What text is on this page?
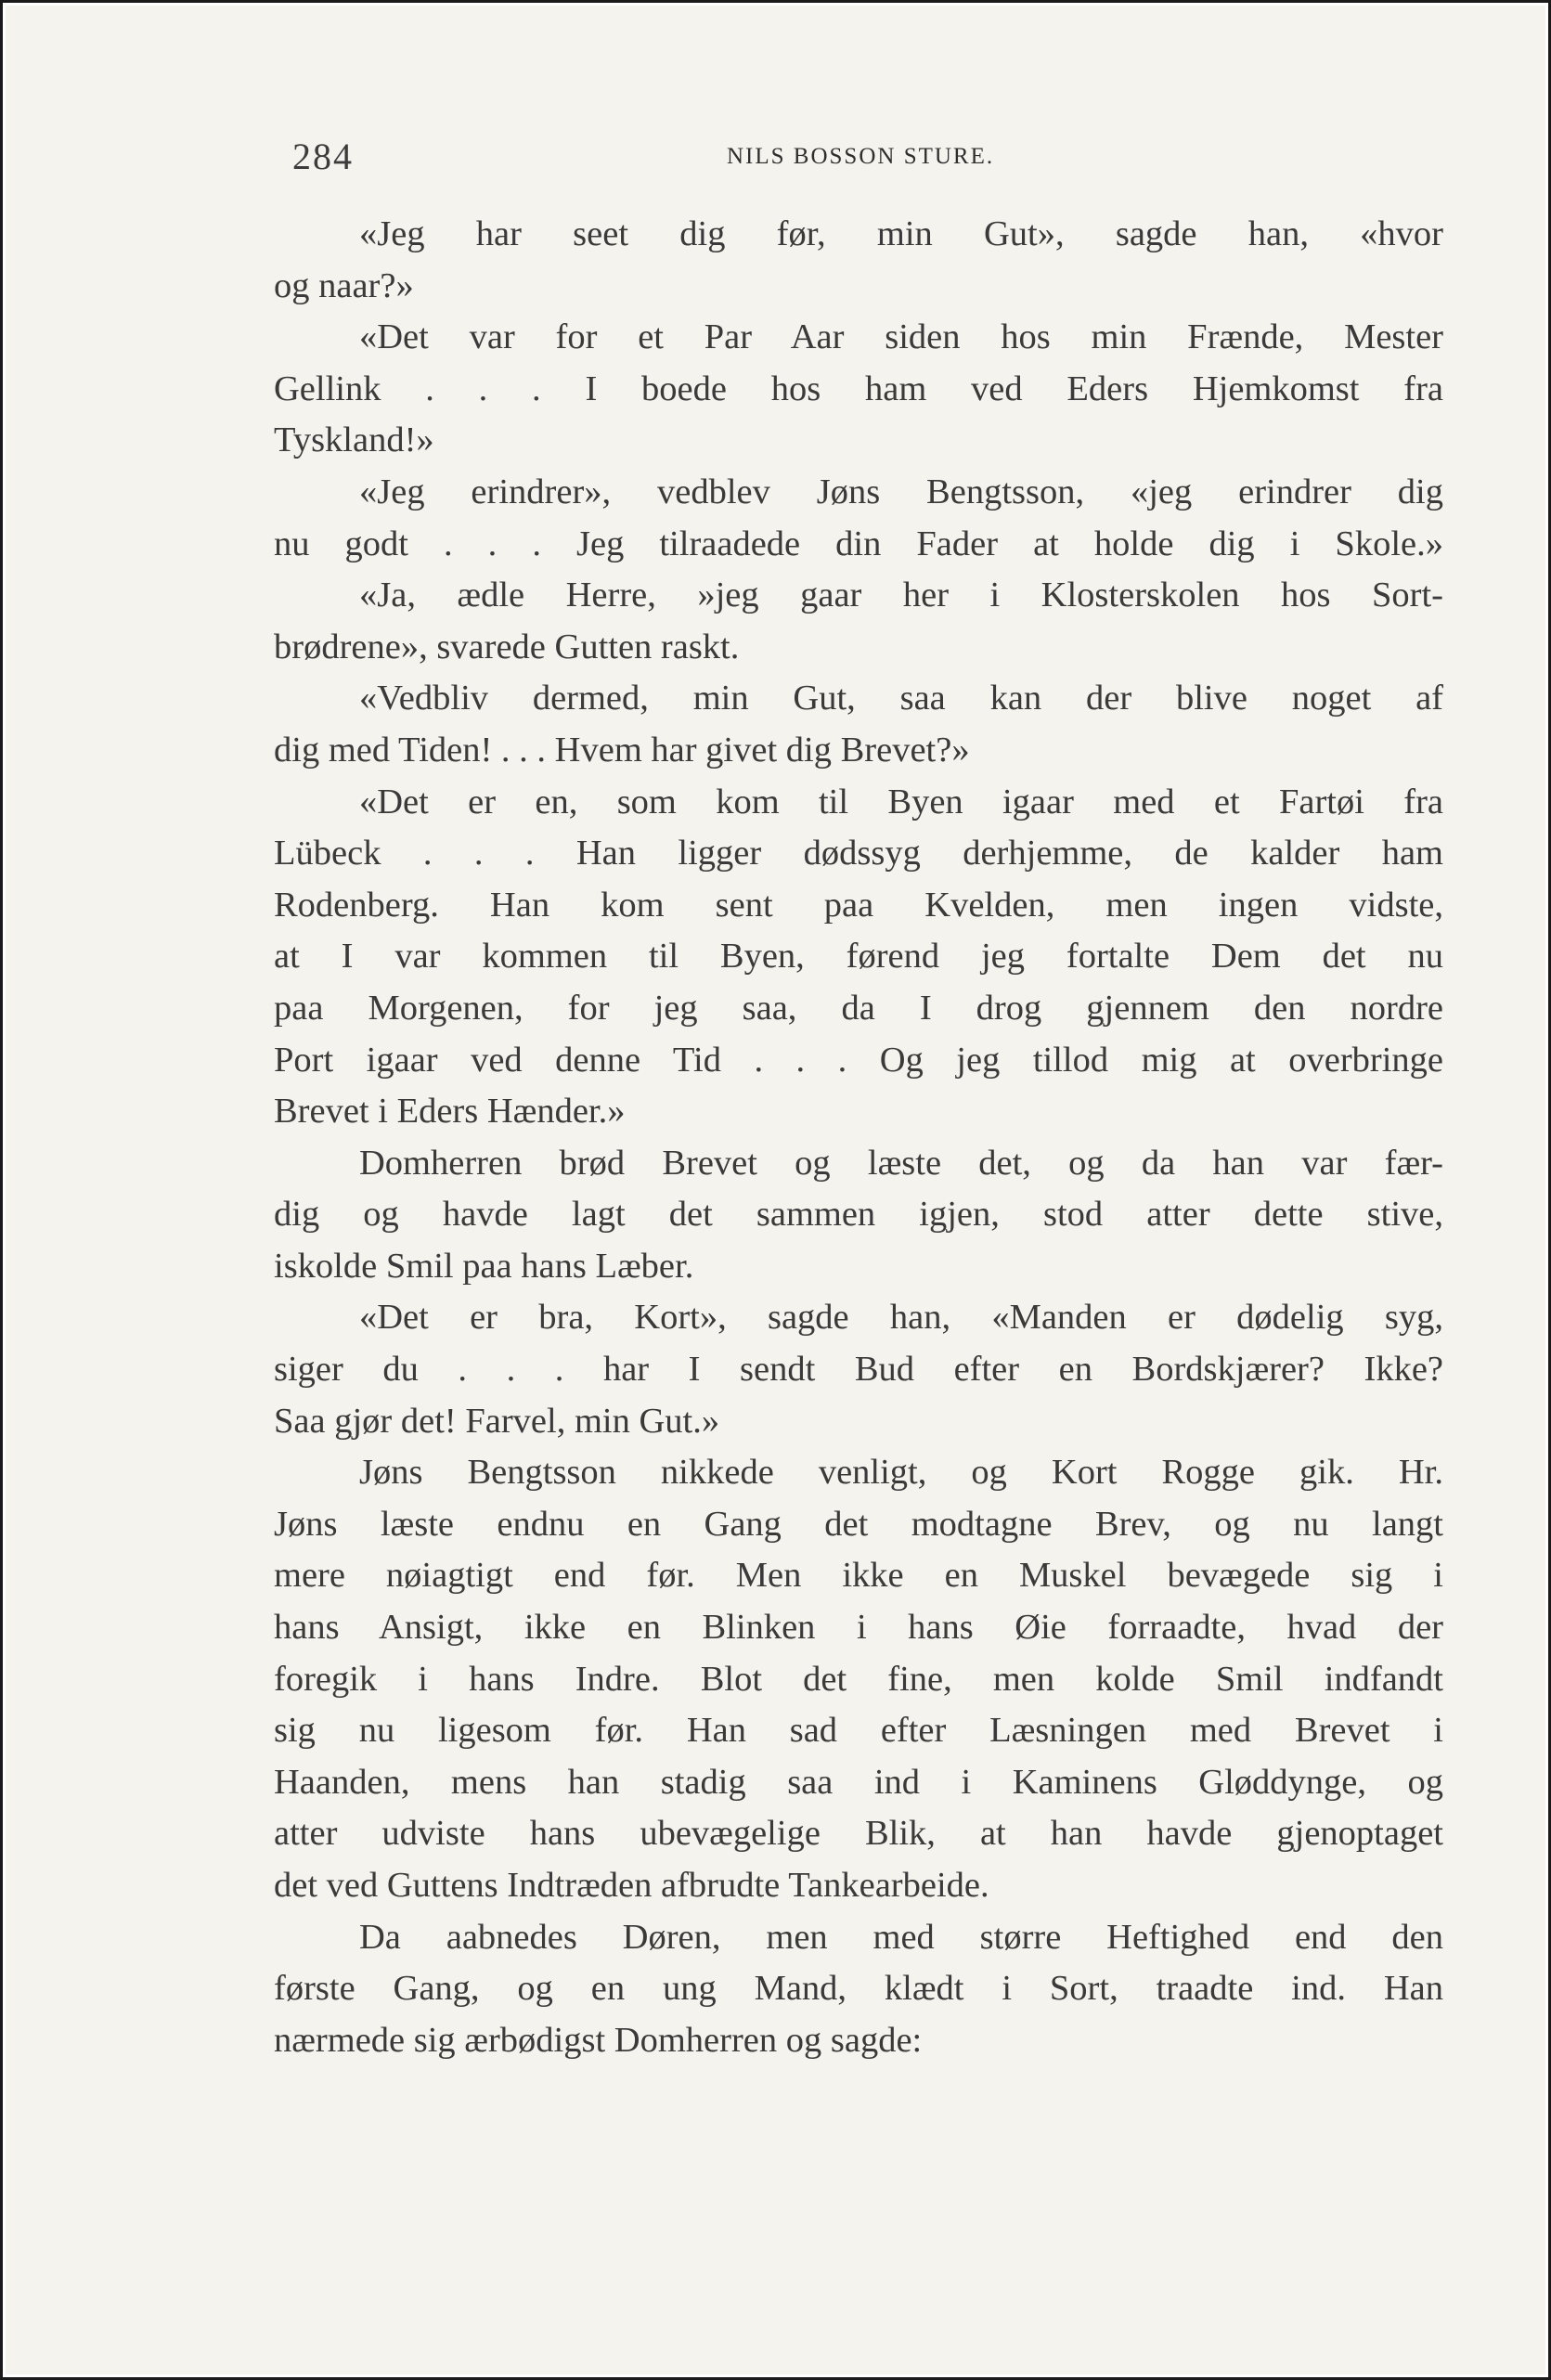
284	NILS BOSSON STURE.
«Jeg har seet dig før, min Gut», sagde han, «hvor
og naar?»
«Det var for et Par Aar siden hos min Frænde, Mester
Gellink . . . I boede hos ham ved Eders Hjemkomst fra
Tyskland!»
«Jeg erindrer», vedblev Jøns Bengtsson, «jeg erindrer dig
nu godt . . . Jeg tilraadede din Fader at holde dig i Skole.»
«Ja, ædle Herre, »jeg gaar her i Klosterskolen hos Sort-
brødrene», svarede Gutten raskt.
«Vedbliv dermed, min Gut, saa kan der blive noget af
dig med Tiden! . . . Hvem har givet dig Brevet?»
«Det er en, som kom til Byen igaar med et Fartøi fra
Lübeck . . . Han ligger dødssyg derhjemme, de kalder ham
Rodenberg. Han kom sent paa Kvelden, men ingen vidste,
at I var kommen til Byen, førend jeg fortalte Dem det nu
paa Morgenen, for jeg saa, da I drog gjennem den nordre
Port igaar ved denne Tid . . . Og jeg tillod mig at overbringe
Brevet i Eders Hænder.»
Domherren brød Brevet og læste det, og da han var fær-
dig og havde lagt det sammen igjen, stod atter dette stive,
iskolde Smil paa hans Læber.
«Det er bra, Kort», sagde han, «Manden er dødelig syg,
siger du . . . har I sendt Bud efter en Bordskjærer? Ikke?
Saa gjør det! Farvel, min Gut.»
Jøns Bengtsson nikkede venligt, og Kort Rogge gik. Hr.
Jøns læste endnu en Gang det modtagne Brev, og nu langt
mere nøiagtigt end før. Men ikke en Muskel bevægede sig i
hans Ansigt, ikke en Blinken i hans Øie forraadte, hvad der
foregik i hans Indre. Blot det fine, men kolde Smil indfandt
sig nu ligesom før. Han sad efter Læsningen med Brevet i
Haanden, mens han stadig saa ind i Kaminens Gløddynge, og
atter udviste hans ubevægelige Blik, at han havde gjenoptaget
det ved Guttens Indtræden afbrudte Tankearbeide.
Da aabnedes Døren, men med større Heftighed end den
første Gang, og en ung Mand, klædt i Sort, traadte ind. Han
nærmede sig ærbødigst Domherren og sagde:
